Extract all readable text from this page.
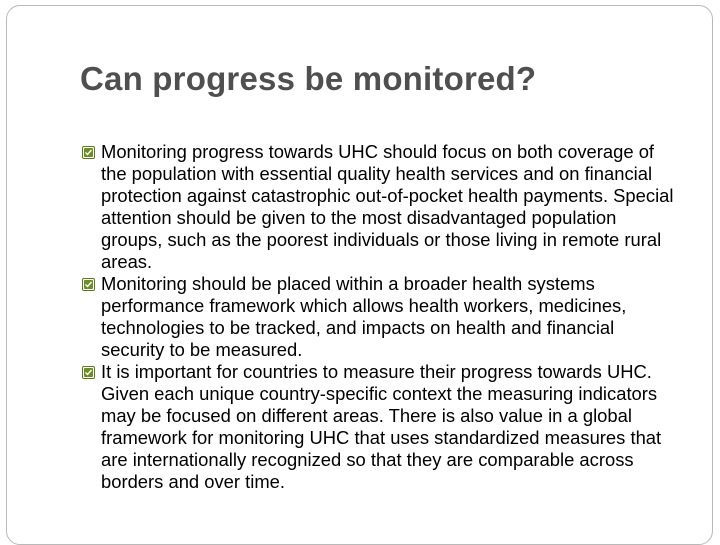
Can progress be monitored?
Monitoring progress towards UHC should focus on both coverage of the population with essential quality health services and on financial protection against catastrophic out-of-pocket health payments. Special attention should be given to the most disadvantaged population groups, such as the poorest individuals or those living in remote rural areas.
Monitoring should be placed within a broader health systems performance framework which allows health workers, medicines, technologies to be tracked, and impacts on health and financial security to be measured.
It is important for countries to measure their progress towards UHC. Given each unique country-specific context the measuring indicators may be focused on different areas. There is also value in a global framework for monitoring UHC that uses standardized measures that are internationally recognized so that they are comparable across borders and over time.
